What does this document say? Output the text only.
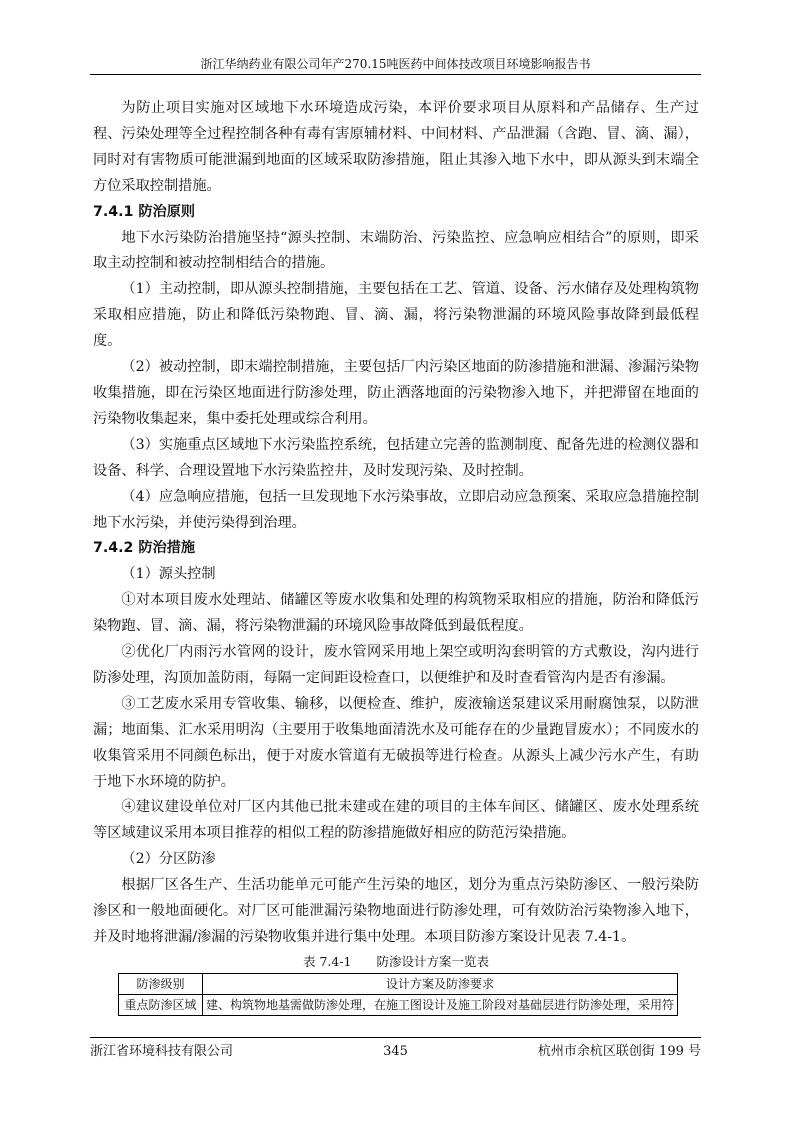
浙江华纳药业有限公司年产270.15吨医药中间体技改项目环境影响报告书

为防止项目实施对区域地下水环境造成污染，本评价要求项目从原料和产品储存、生产过程、污染处理等全过程控制各种有毒有害原辅材料、中间材料、产品泄漏（含跑、冒、滴、漏），同时对有害物质可能泄漏到地面的区域采取防渗措施，阻止其渗入地下水中，即从源头到末端全方位采取控制措施。

7.4.1 防治原则

地下水污染防治措施坚持“源头控制、末端防治、污染监控、应急响应相结合”的原则，即采取主动控制和被动控制相结合的措施。

（1）主动控制，即从源头控制措施，主要包括在工艺、管道、设备、污水储存及处理构筑物采取相应措施，防止和降低污染物跑、冒、滴、漏，将污染物泄漏的环境风险事故降到最低程度。

（2）被动控制，即末端控制措施，主要包括厂内污染区地面的防渗措施和泄漏、渗漏污染物收集措施，即在污染区地面进行防渗处理，防止洒落地面的污染物渗入地下，并把滞留在地面的污染物收集起来，集中委托处理或综合利用。

（3）实施重点区域地下水污染监控系统，包括建立完善的监测制度、配备先进的检测仪器和设备、科学、合理设置地下水污染监控井，及时发现污染、及时控制。

（4）应急响应措施，包括一旦发现地下水污染事故，立即启动应急预案、采取应急措施控制地下水污染，并使污染得到治理。

7.4.2 防治措施

（1）源头控制

①对本项目废水处理站、储罐区等废水收集和处理的构筑物采取相应的措施，防治和降低污染物跑、冒、滴、漏，将污染物泄漏的环境风险事故降低到最低程度。

②优化厂内雨污水管网的设计，废水管网采用地上架空或明沟套明管的方式敷设，沟内进行防渗处理，沟顶加盖防雨，每隔一定间距设检查口，以便维护和及时查看管沟内是否有渗漏。

③工艺废水采用专管收集、输移，以便检查、维护，废液输送泵建议采用耐腐蚀泵，以防泄漏；地面集、汇水采用明沟（主要用于收集地面清洗水及可能存在的少量跑冒废水）；不同废水的收集管采用不同颜色标出，便于对废水管道有无破损等进行检查。从源头上减少污水产生，有助于地下水环境的防护。

④建议建设单位对厂区内其他已批未建或在建的项目的主体车间区、储罐区、废水处理系统等区域建议采用本项目推荐的相似工程的防渗措施做好相应的防范污染措施。

（2）分区防渗

根据厂区各生产、生活功能单元可能产生污染的地区，划分为重点污染防渗区、一般污染防渗区和一般地面硬化。对厂区可能泄漏污染物地面进行防渗处理，可有效防治污染物渗入地下，并及时地将泄漏/渗漏的污染物收集并进行集中处理。本项目防渗方案设计见表 7.4-1。

表 7.4-1　　防渗设计方案一览表

防渗级别	设计方案及防渗要求
重点防渗区域	建、构筑物地基需做防渗处理，在施工图设计及施工阶段对基础层进行防渗处理，采用符
浙江省环境科技有限公司	345	杭州市余杭区联创街 199 号
